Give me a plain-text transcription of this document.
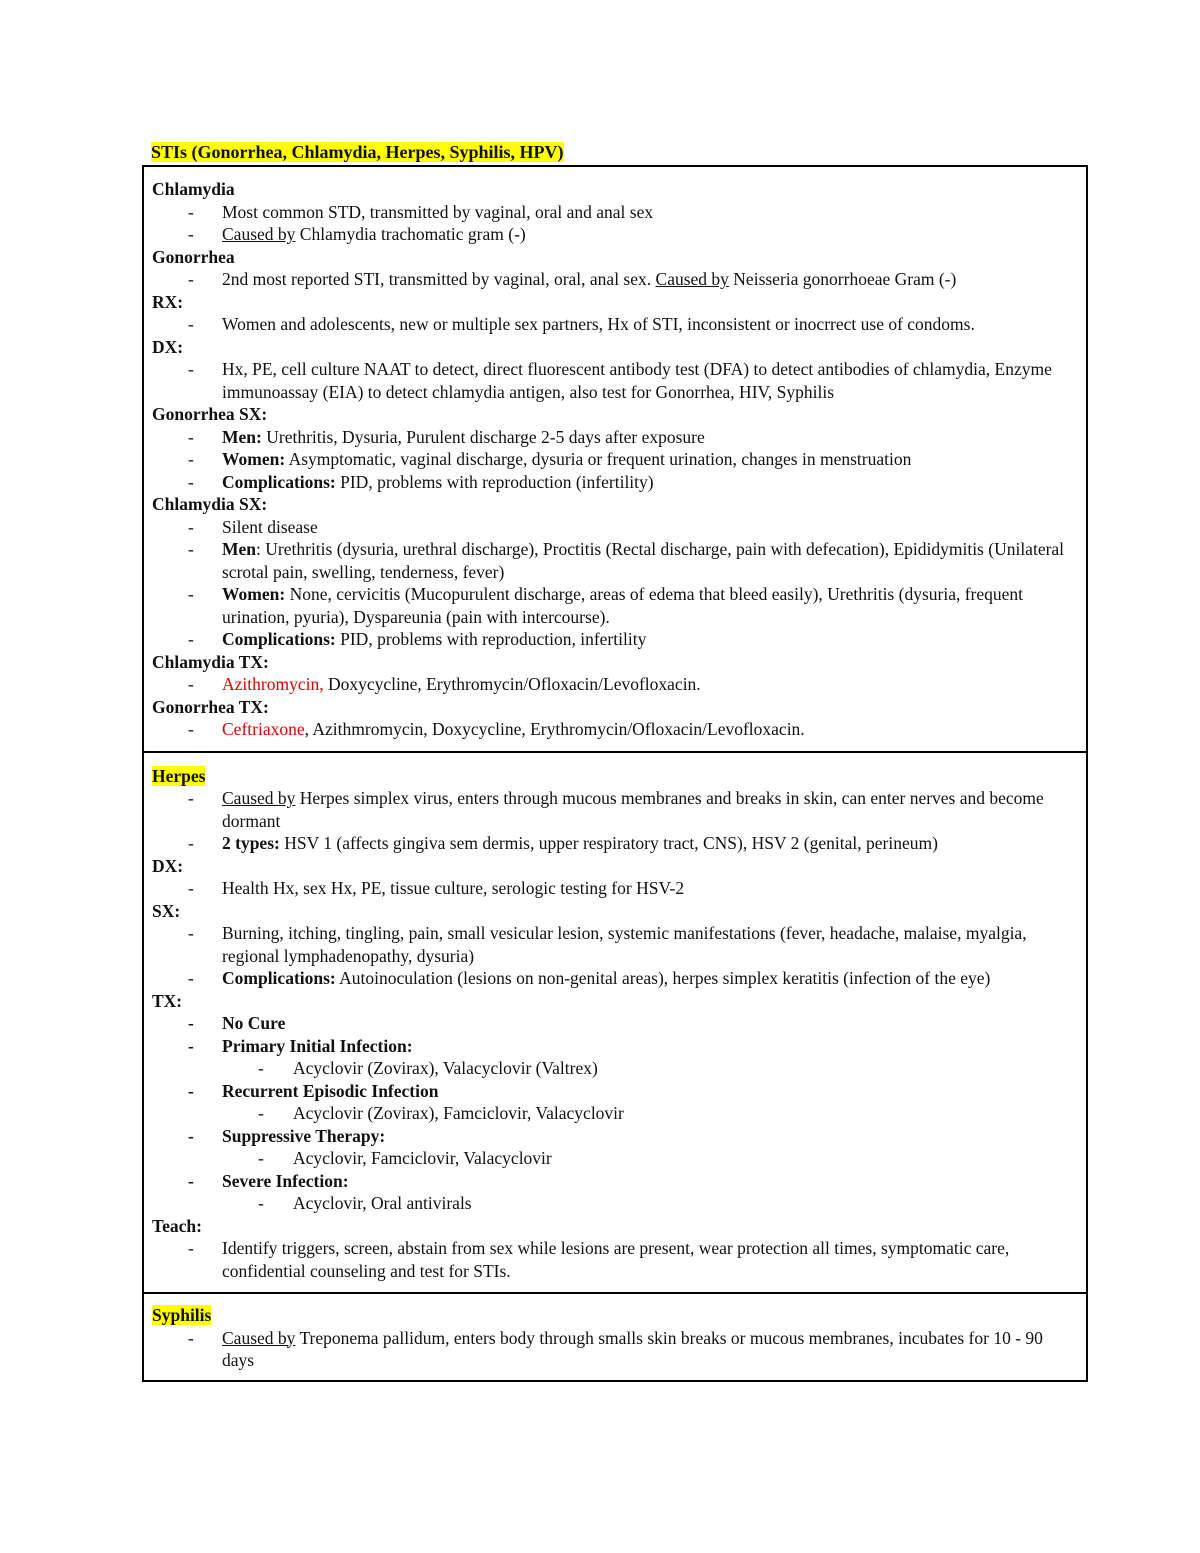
STIs (Gonorrhea, Chlamydia, Herpes, Syphilis, HPV)
Chlamydia
- Most common STD, transmitted by vaginal, oral and anal sex
- Caused by Chlamydia trachomatic gram (-)
Gonorrhea
- 2nd most reported STI, transmitted by vaginal, oral, anal sex. Caused by Neisseria gonorrhoeae Gram (-)
RX:
- Women and adolescents, new or multiple sex partners, Hx of STI, inconsistent or inocrrect use of condoms.
DX:
- Hx, PE, cell culture NAAT to detect, direct fluorescent antibody test (DFA) to detect antibodies of chlamydia, Enzyme immunoassay (EIA) to detect chlamydia antigen, also test for Gonorrhea, HIV, Syphilis
Gonorrhea SX:
- Men: Urethritis, Dysuria, Purulent discharge 2-5 days after exposure
- Women: Asymptomatic, vaginal discharge, dysuria or frequent urination, changes in menstruation
- Complications: PID, problems with reproduction (infertility)
Chlamydia SX:
- Silent disease
- Men: Urethritis (dysuria, urethral discharge), Proctitis (Rectal discharge, pain with defecation), Epididymitis (Unilateral scrotal pain, swelling, tenderness, fever)
- Women: None, cervicitis (Mucopurulent discharge, areas of edema that bleed easily), Urethritis (dysuria, frequent urination, pyuria), Dyspareunia (pain with intercourse).
- Complications: PID, problems with reproduction, infertility
Chlamydia TX:
- Azithromycin, Doxycycline, Erythromycin/Ofloxacin/Levofloxacin.
Gonorrhea TX:
- Ceftriaxone, Azithmromycin, Doxycycline, Erythromycin/Ofloxacin/Levofloxacin.
Herpes
- Caused by Herpes simplex virus, enters through mucous membranes and breaks in skin, can enter nerves and become dormant
- 2 types: HSV 1 (affects gingiva sem dermis, upper respiratory tract, CNS), HSV 2 (genital, perineum)
DX:
- Health Hx, sex Hx, PE, tissue culture, serologic testing for HSV-2
SX:
- Burning, itching, tingling, pain, small vesicular lesion, systemic manifestations (fever, headache, malaise, myalgia, regional lymphadenopathy, dysuria)
- Complications: Autoinoculation (lesions on non-genital areas), herpes simplex keratitis (infection of the eye)
TX:
- No Cure
- Primary Initial Infection:
- Acyclovir (Zovirax), Valacyclovir (Valtrex)
- Recurrent Episodic Infection
- Acyclovir (Zovirax), Famciclovir, Valacyclovir
- Suppressive Therapy:
- Acyclovir, Famciclovir, Valacyclovir
- Severe Infection:
- Acyclovir, Oral antivirals
Teach:
- Identify triggers, screen, abstain from sex while lesions are present, wear protection all times, symptomatic care, confidential counseling and test for STIs.
Syphilis
- Caused by Treponema pallidum, enters body through smalls skin breaks or mucous membranes, incubates for 10 - 90 days
